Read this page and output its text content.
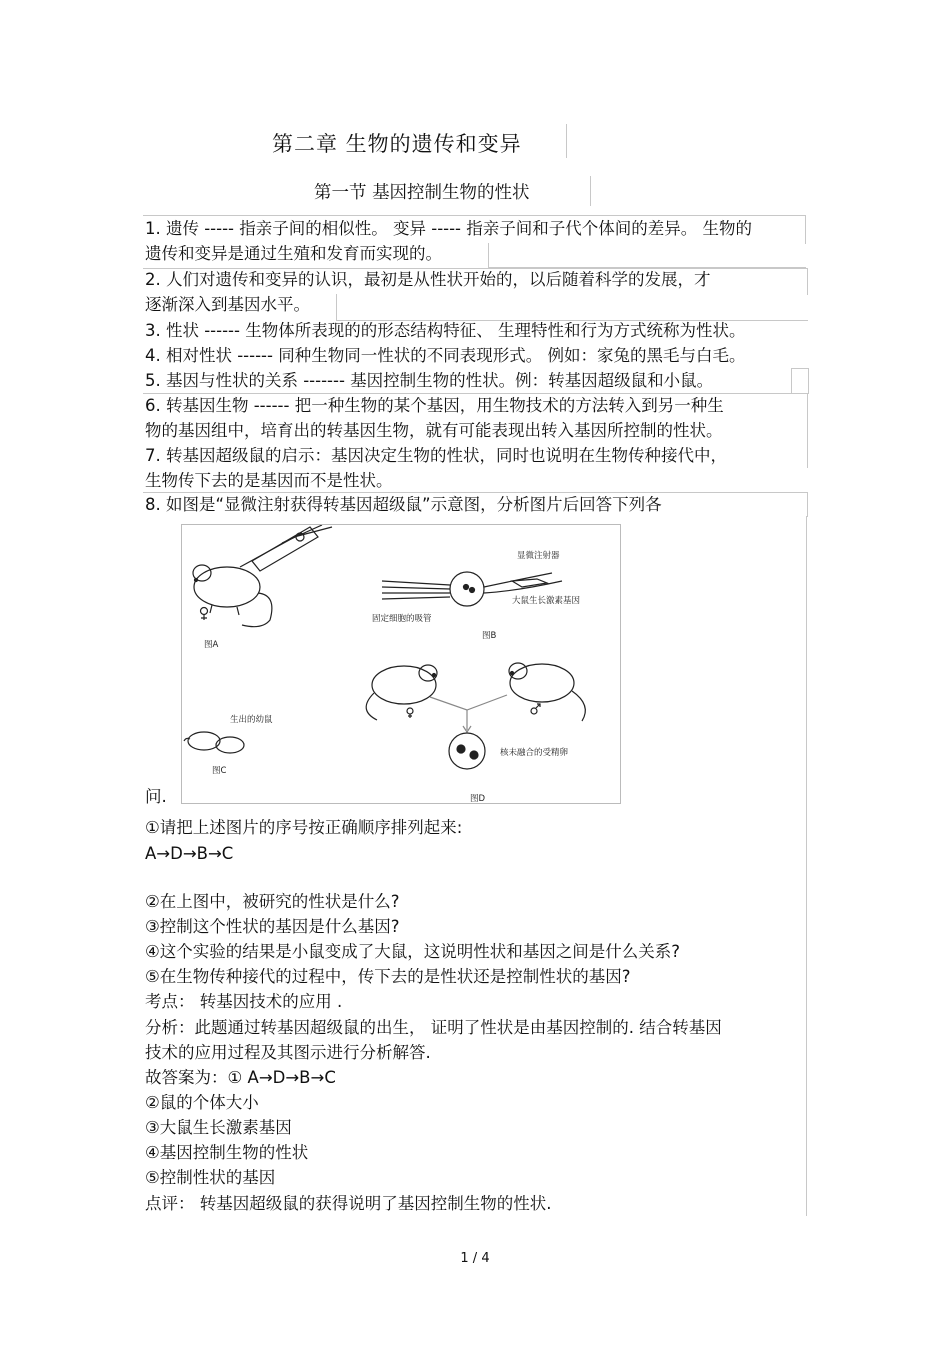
第二章 生物的遗传和变异
第一节 基因控制生物的性状
1. 遗传 ----- 指亲子间的相似性。 变异 ----- 指亲子间和子代个体间的差异。 生物的
遗传和变异是通过生殖和发育而实现的。
2. 人们对遗传和变异的认识，最初是从性状开始的，以后随着科学的发展，才
逐渐深入到基因水平。
3. 性状 ------ 生物体所表现的的形态结构特征、 生理特性和行为方式统称为性状。
4. 相对性状 ------ 同种生物同一性状的不同表现形式。 例如：家兔的黑毛与白毛。
5. 基因与性状的关系 ------- 基因控制生物的性状。例：转基因超级鼠和小鼠。
6. 转基因生物 ------ 把一种生物的某个基因，用生物技术的方法转入到另一种生
物的基因组中，培育出的转基因生物，就有可能表现出转入基因所控制的性状。
7. 转基因超级鼠的启示：基因决定生物的性状，同时也说明在生物传种接代中，
生物传下去的是基因而不是性状。
8. 如图是“显微注射获得转基因超级鼠”示意图，分析图片后回答下列各
图A
显微注射器
大鼠生长激素基因
固定细胞的吸管
图B
生出的幼鼠
图C
核未融合的受精卵
图D
问.
①请把上述图片的序号按正确顺序排列起来:
A→D→B→C
②在上图中，被研究的性状是什么?
③控制这个性状的基因是什么基因?
④这个实验的结果是小鼠变成了大鼠，这说明性状和基因之间是什么关系?
⑤在生物传种接代的过程中，传下去的是性状还是控制性状的基因?
考点： 转基因技术的应用 .
分析：此题通过转基因超级鼠的出生， 证明了性状是由基因控制的. 结合转基因
技术的应用过程及其图示进行分析解答.
故答案为：① A→D→B→C
②鼠的个体大小
③大鼠生长激素基因
④基因控制生物的性状
⑤控制性状的基因
点评： 转基因超级鼠的获得说明了基因控制生物的性状.
1 / 4
